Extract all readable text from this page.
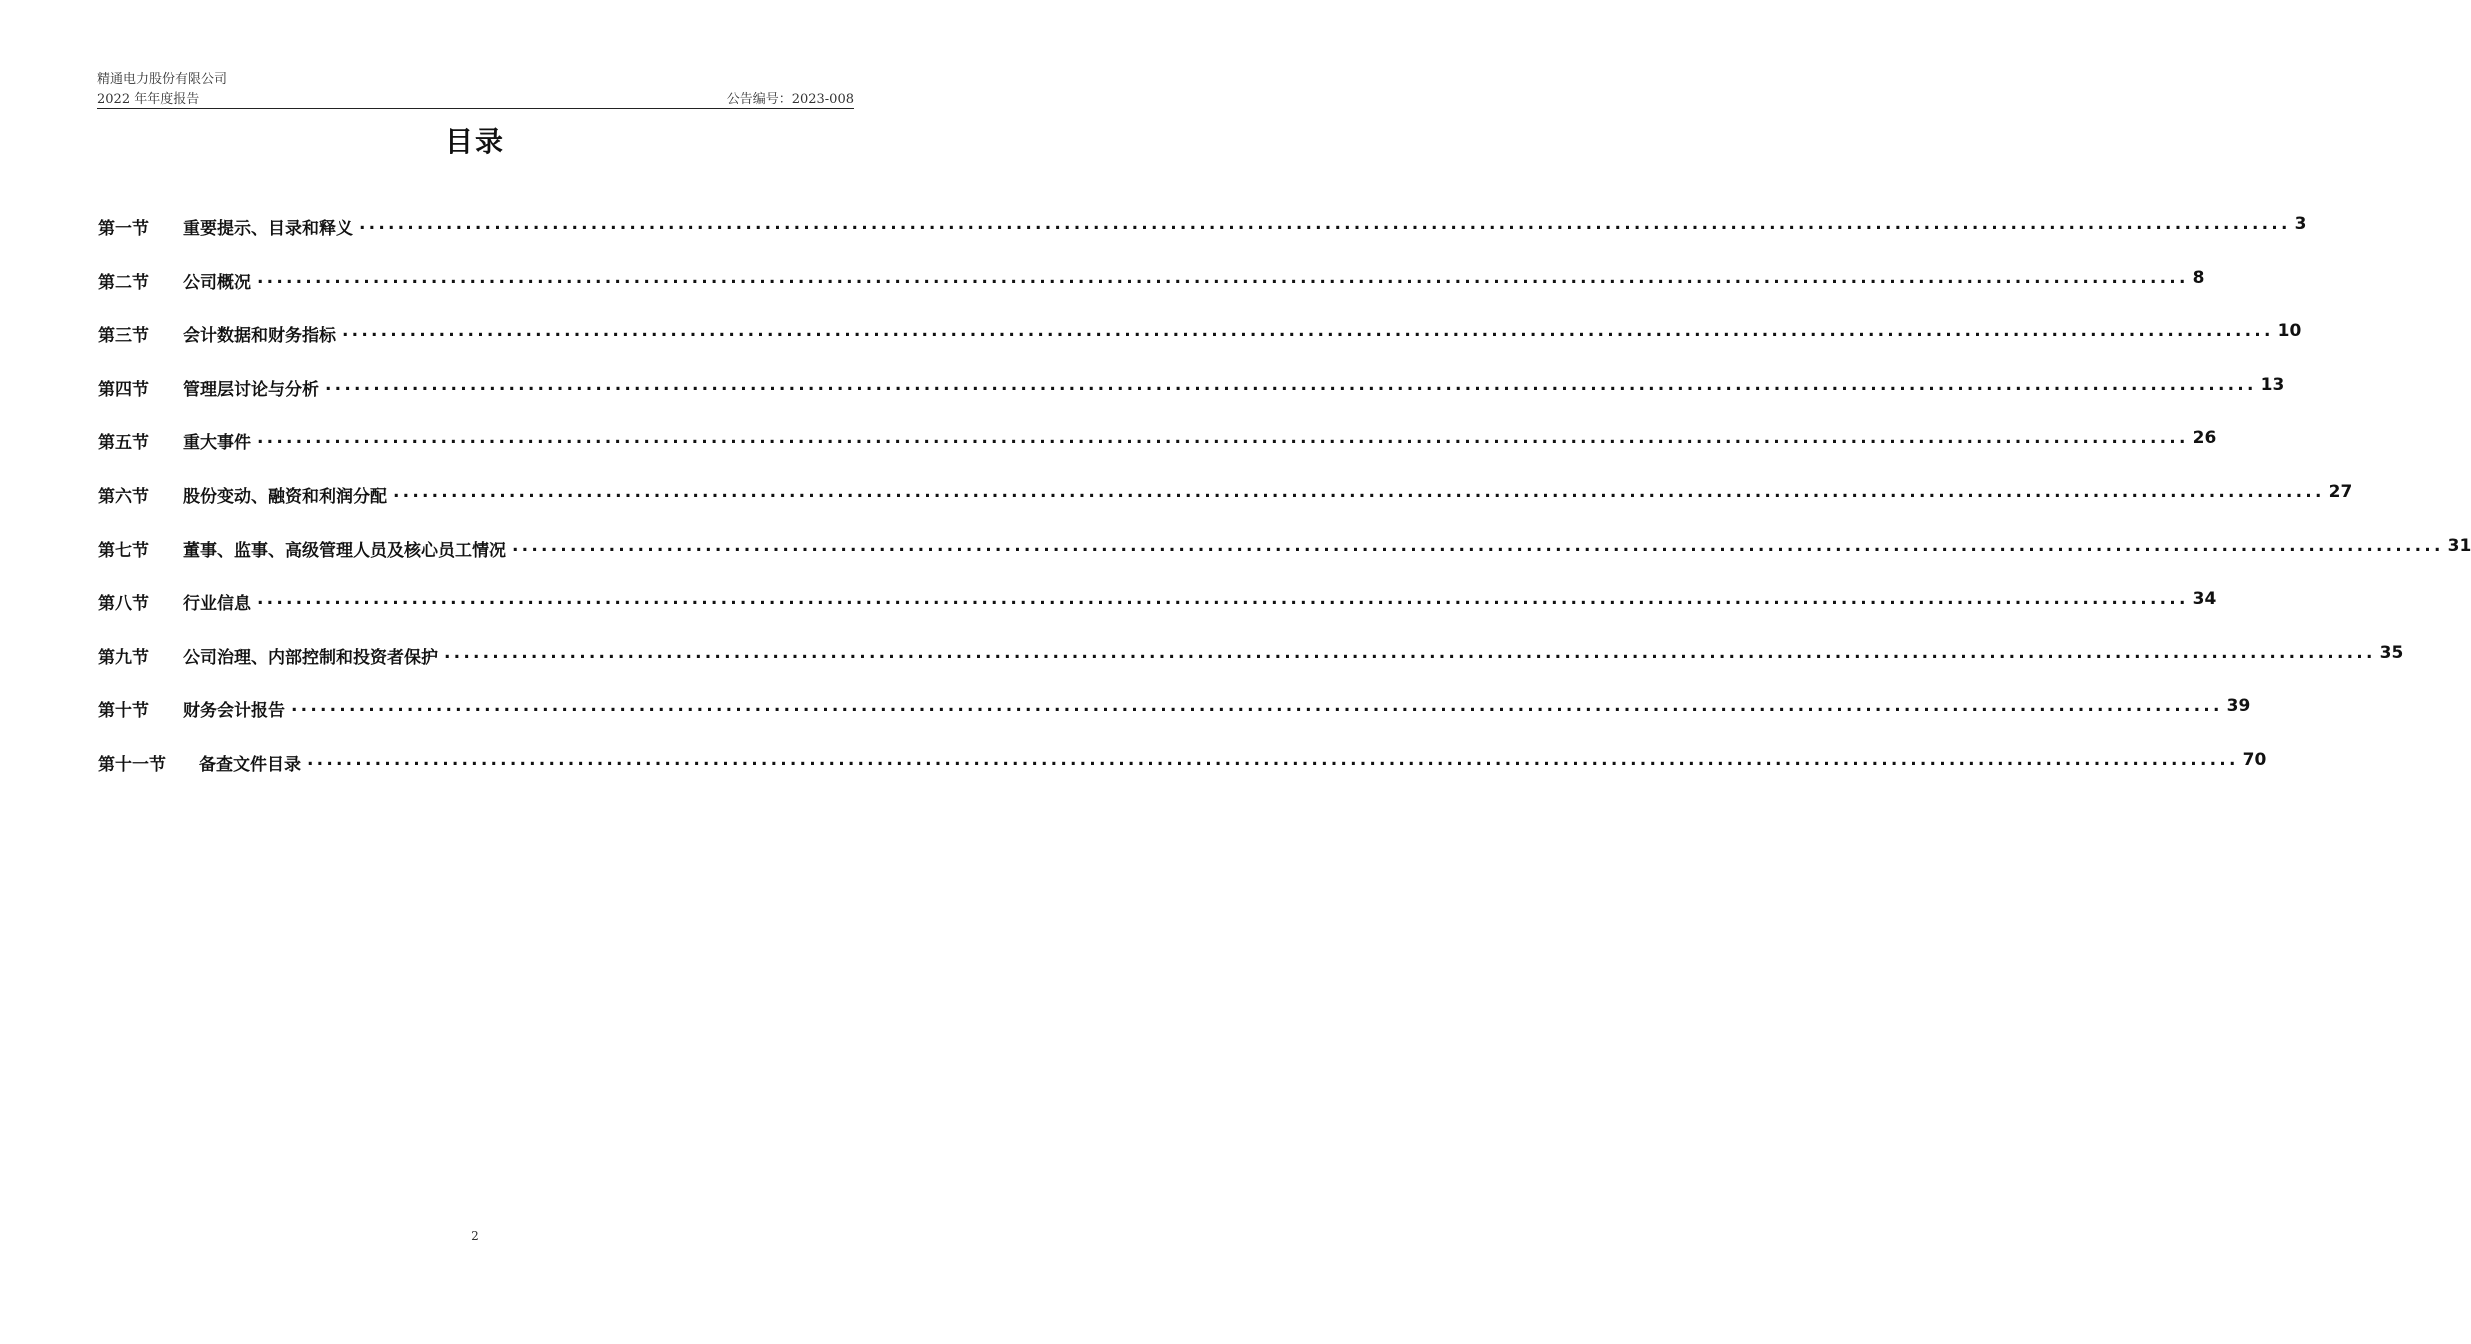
精通电力股份有限公司
2022 年年度报告	公告编号：2023-008
目录
第一节	重要提示、目录和释义 ........................................................................................................................................................................................................ 3
第二节	公司概况 ........................................................................................................................................................................................................ 8
第三节	会计数据和财务指标 ........................................................................................................................................................................................................ 10
第四节	管理层讨论与分析 ........................................................................................................................................................................................................ 13
第五节	重大事件 ........................................................................................................................................................................................................ 26
第六节	股份变动、融资和利润分配 ........................................................................................................................................................................................................ 27
第七节	董事、监事、高级管理人员及核心员工情况 ........................................................................................................................................................................................................ 31
第八节	行业信息 ........................................................................................................................................................................................................ 34
第九节	公司治理、内部控制和投资者保护 ........................................................................................................................................................................................................ 35
第十节	财务会计报告 ........................................................................................................................................................................................................ 39
第十一节	备查文件目录 ........................................................................................................................................................................................................ 70
2
